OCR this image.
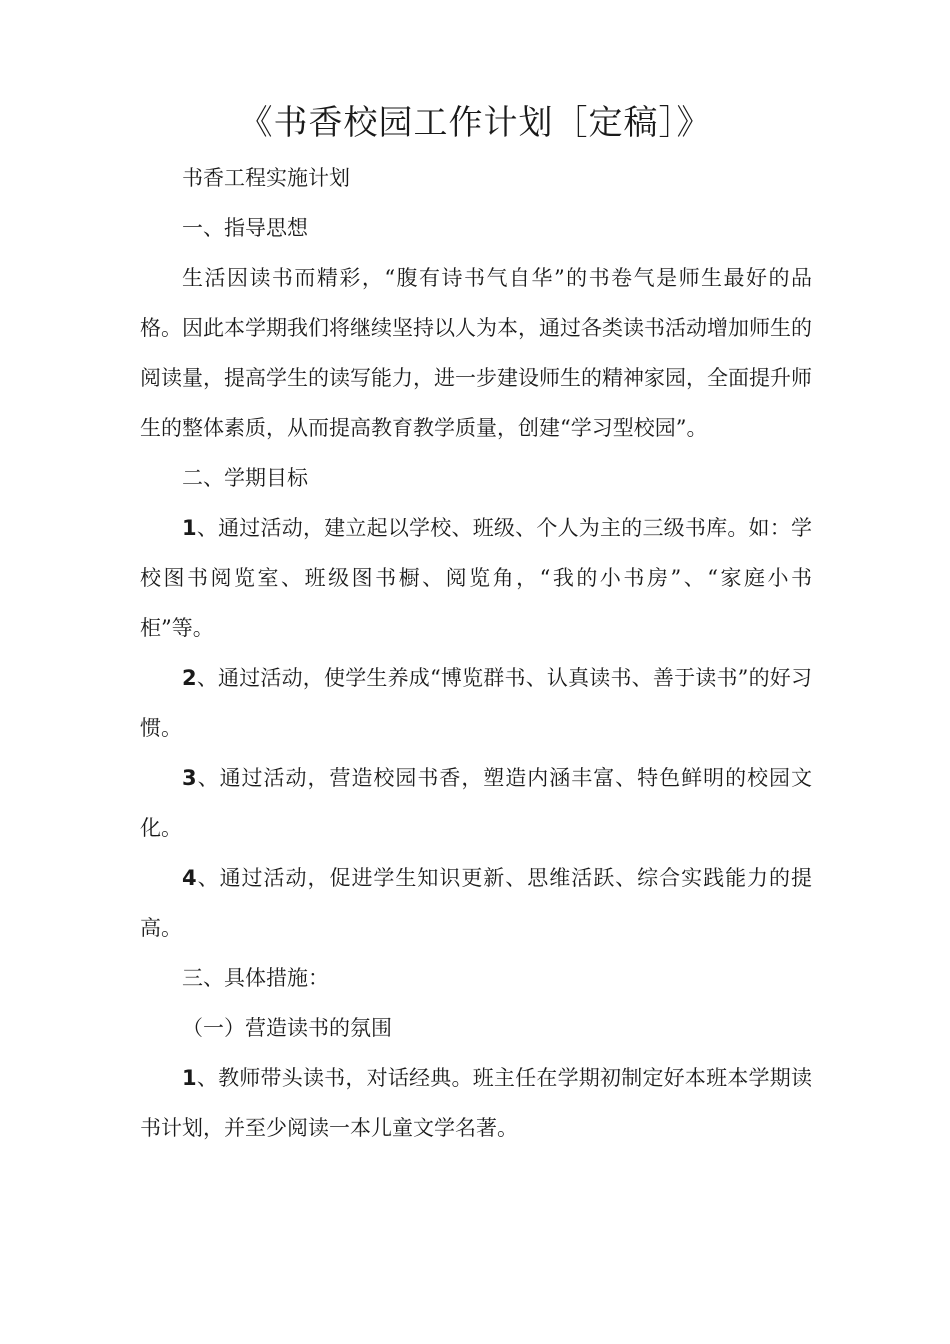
《书香校园工作计划［定稿］》

书香工程实施计划

一、指导思想

生活因读书而精彩，“腹有诗书气自华”的书卷气是师生最好的品格。因此本学期我们将继续坚持以人为本，通过各类读书活动增加师生的阅读量，提高学生的读写能力，进一步建设师生的精神家园，全面提升师生的整体素质，从而提高教育教学质量，创建“学习型校园”。

二、学期目标

1、通过活动，建立起以学校、班级、个人为主的三级书库。如：学校图书阅览室、班级图书橱、阅览角，“我的小书房”、“家庭小书柜”等。

2、通过活动，使学生养成“博览群书、认真读书、善于读书”的好习惯。

3、通过活动，营造校园书香，塑造内涵丰富、特色鲜明的校园文化。

4、通过活动，促进学生知识更新、思维活跃、综合实践能力的提高。

三、具体措施：

（一）营造读书的氛围

1、教师带头读书，对话经典。班主任在学期初制定好本班本学期读书计划，并至少阅读一本儿童文学名著。
